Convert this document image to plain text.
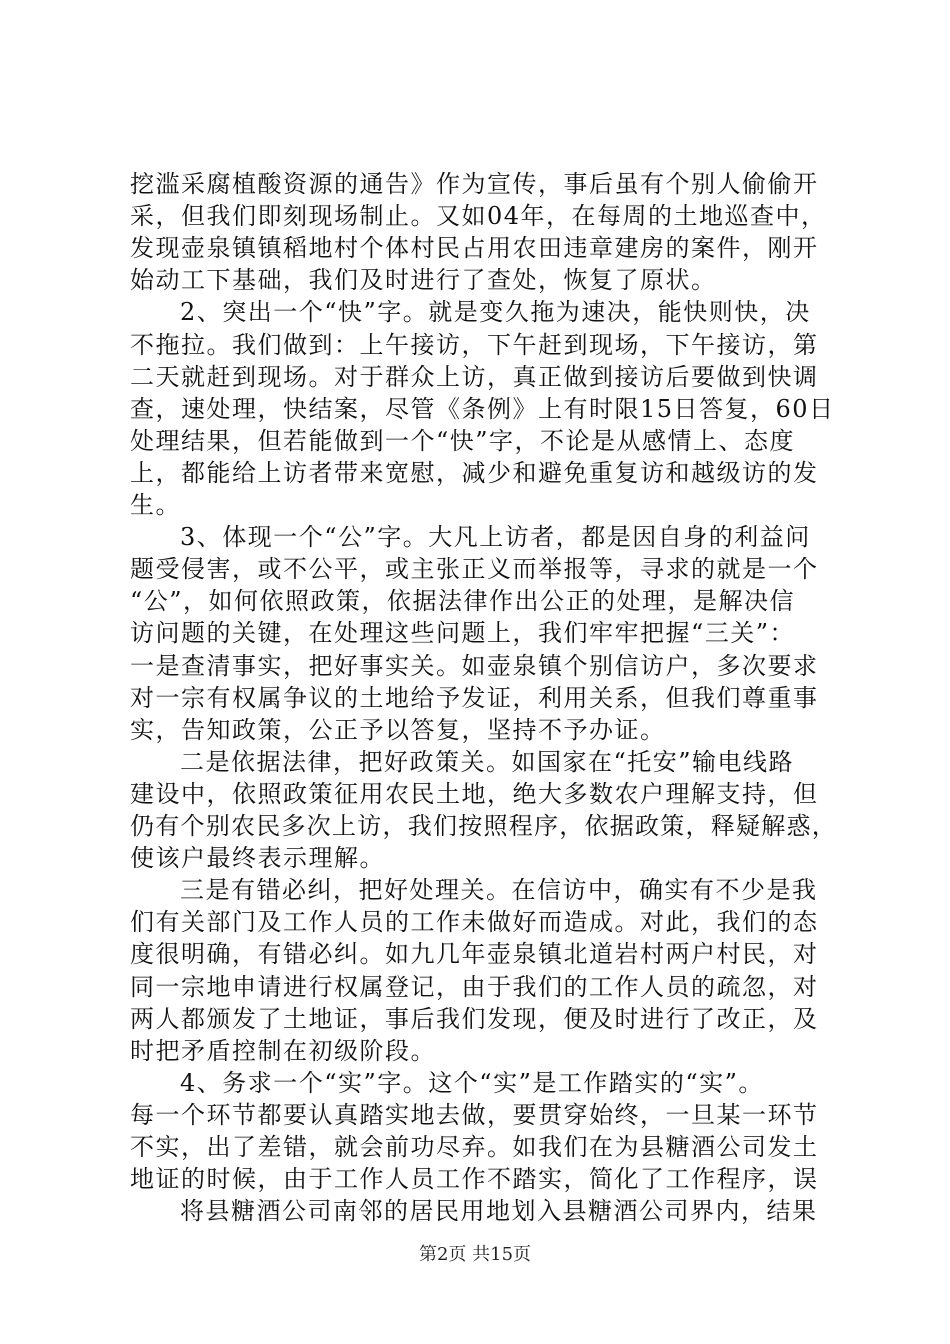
挖滥采腐植酸资源的通告》作为宣传，事后虽有个别人偷偷开
采，但我们即刻现场制止。又如04年，在每周的土地巡查中，
发现壶泉镇镇稻地村个体村民占用农田违章建房的案件，刚开
始动工下基础，我们及时进行了查处，恢复了原状。
2、突出一个“快”字。就是变久拖为速决，能快则快，决
不拖拉。我们做到：上午接访，下午赶到现场，下午接访，第
二天就赶到现场。对于群众上访，真正做到接访后要做到快调
查，速处理，快结案，尽管《条例》上有时限15日答复，60日
处理结果，但若能做到一个“快”字，不论是从感情上、态度
上，都能给上访者带来宽慰，减少和避免重复访和越级访的发
生。
3、体现一个“公”字。大凡上访者，都是因自身的利益问
题受侵害，或不公平，或主张正义而举报等，寻求的就是一个
“公”，如何依照政策，依据法律作出公正的处理，是解决信
访问题的关键，在处理这些问题上，我们牢牢把握“三关”：
一是查清事实，把好事实关。如壶泉镇个别信访户，多次要求
对一宗有权属争议的土地给予发证，利用关系，但我们尊重事
实，告知政策，公正予以答复，坚持不予办证。
二是依据法律，把好政策关。如国家在“托安”输电线路
建设中，依照政策征用农民土地，绝大多数农户理解支持，但
仍有个别农民多次上访，我们按照程序，依据政策，释疑解惑，
使该户最终表示理解。
三是有错必纠，把好处理关。在信访中，确实有不少是我
们有关部门及工作人员的工作未做好而造成。对此，我们的态
度很明确，有错必纠。如九几年壶泉镇北道岩村两户村民，对
同一宗地申请进行权属登记，由于我们的工作人员的疏忽，对
两人都颁发了土地证，事后我们发现，便及时进行了改正，及
时把矛盾控制在初级阶段。
4、务求一个“实”字。这个“实”是工作踏实的“实”。
每一个环节都要认真踏实地去做，要贯穿始终，一旦某一环节
不实，出了差错，就会前功尽弃。如我们在为县糖酒公司发土
地证的时候，由于工作人员工作不踏实，简化了工作程序，误
将县糖酒公司南邻的居民用地划入县糖酒公司界内，结果
第2页 共15页
